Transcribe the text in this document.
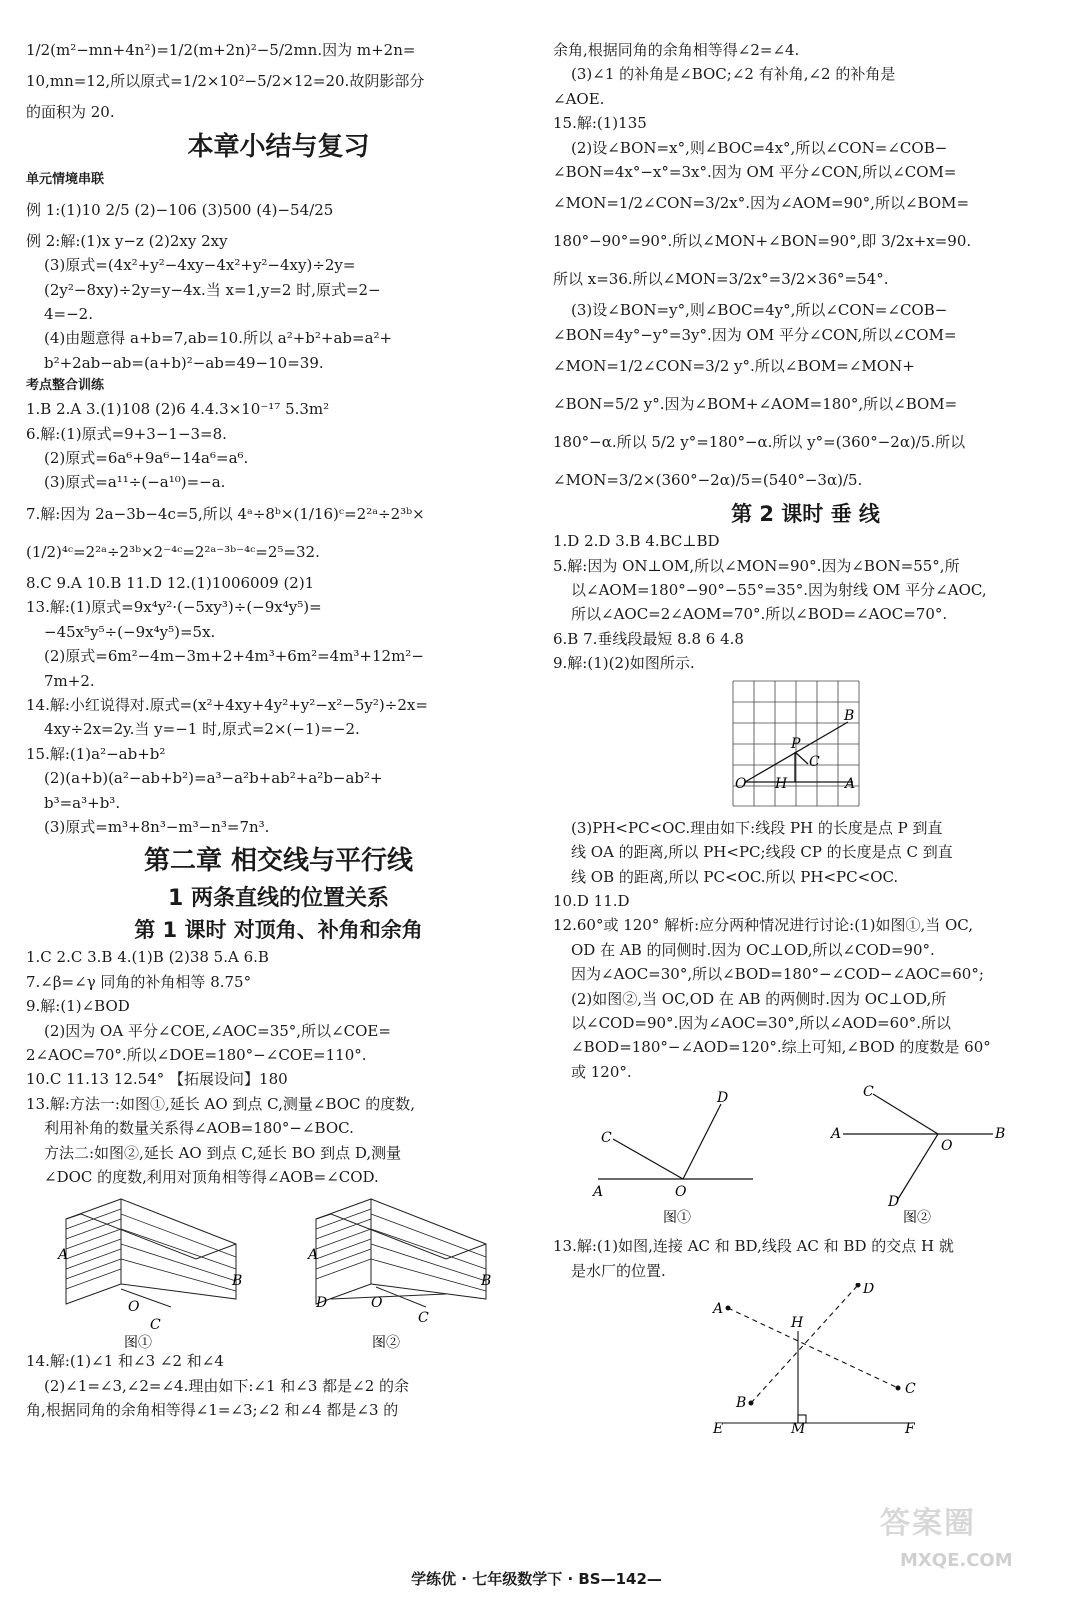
1/2(m²−mn+4n²)=1/2(m+2n)²−5/2mn.因为 m+2n=
10,mn=12,所以原式=1/2×10²−5/2×12=20.故阴影部分
的面积为 20.
本章小结与复习
单元情境串联
例 1:(1)10 2/5 (2)−106 (3)500 (4)−54/25
例 2:解:(1)x y−z (2)2xy 2xy
(3)原式=(4x²+y²−4xy−4x²+y²−4xy)÷2y=
(2y²−8xy)÷2y=y−4x.当 x=1,y=2 时,原式=2−
4=−2.
(4)由题意得 a+b=7,ab=10.所以 a²+b²+ab=a²+
b²+2ab−ab=(a+b)²−ab=49−10=39.
考点整合训练
1.B 2.A 3.(1)108 (2)6 4.4.3×10⁻¹⁷ 5.3m²
6.解:(1)原式=9+3−1−3=8.
(2)原式=6a⁶+9a⁶−14a⁶=a⁶.
(3)原式=a¹¹÷(−a¹⁰)=−a.
7.解:因为 2a−3b−4c=5,所以 4ᵃ÷8ᵇ×(1/16)ᶜ=2²ᵃ÷2³ᵇ×
(1/2)⁴ᶜ=2²ᵃ÷2³ᵇ×2⁻⁴ᶜ=2²ᵃ⁻³ᵇ⁻⁴ᶜ=2⁵=32.
8.C 9.A 10.B 11.D 12.(1)1006009 (2)1
13.解:(1)原式=9x⁴y²·(−5xy³)÷(−9x⁴y⁵)=
−45x⁵y⁵÷(−9x⁴y⁵)=5x.
(2)原式=6m²−4m−3m+2+4m³+6m²=4m³+12m²−
7m+2.
14.解:小红说得对.原式=(x²+4xy+4y²+y²−x²−5y²)÷2x=
4xy÷2x=2y.当 y=−1 时,原式=2×(−1)=−2.
15.解:(1)a²−ab+b²
(2)(a+b)(a²−ab+b²)=a³−a²b+ab²+a²b−ab²+
b³=a³+b³.
(3)原式=m³+8n³−m³−n³=7n³.
第二章 相交线与平行线
1 两条直线的位置关系
第 1 课时 对顶角、补角和余角
1.C 2.C 3.B 4.(1)B (2)38 5.A 6.B
7.∠β=∠γ 同角的补角相等 8.75°
9.解:(1)∠BOD
(2)因为 OA 平分∠COE,∠AOC=35°,所以∠COE=
2∠AOC=70°.所以∠DOE=180°−∠COE=110°.
10.C 11.13 12.54° 【拓展设问】180
13.解:方法一:如图①,延长 AO 到点 C,测量∠BOC 的度数,
利用补角的数量关系得∠AOB=180°−∠BOC.
方法二:如图②,延长 AO 到点 C,延长 BO 到点 D,测量
∠DOC 的度数,利用对顶角相等得∠AOB=∠COD.
A
B
O
C
图①
A
B
D	O
C
图②
14.解:(1)∠1 和∠3 ∠2 和∠4
(2)∠1=∠3,∠2=∠4.理由如下:∠1 和∠3 都是∠2 的余
角,根据同角的余角相等得∠1=∠3;∠2 和∠4 都是∠3 的
余角,根据同角的余角相等得∠2=∠4.
(3)∠1 的补角是∠BOC;∠2 有补角,∠2 的补角是
∠AOE.
15.解:(1)135
(2)设∠BON=x°,则∠BOC=4x°,所以∠CON=∠COB−
∠BON=4x°−x°=3x°.因为 OM 平分∠CON,所以∠COM=
∠MON=1/2∠CON=3/2x°.因为∠AOM=90°,所以∠BOM=
180°−90°=90°.所以∠MON+∠BON=90°,即 3/2x+x=90.
所以 x=36.所以∠MON=3/2x°=3/2×36°=54°.
(3)设∠BON=y°,则∠BOC=4y°,所以∠CON=∠COB−
∠BON=4y°−y°=3y°.因为 OM 平分∠CON,所以∠COM=
∠MON=1/2∠CON=3/2 y°.所以∠BOM=∠MON+
∠BON=5/2 y°.因为∠BOM+∠AOM=180°,所以∠BOM=
180°−α.所以 5/2 y°=180°−α.所以 y°=(360°−2α)/5.所以
∠MON=3/2×(360°−2α)/5=(540°−3α)/5.
第 2 课时 垂 线
1.D 2.D 3.B 4.BC⊥BD
5.解:因为 ON⊥OM,所以∠MON=90°.因为∠BON=55°,所
以∠AOM=180°−90°−55°=35°.因为射线 OM 平分∠AOC,
所以∠AOC=2∠AOM=70°.所以∠BOD=∠AOC=70°.
6.B 7.垂线段最短 8.8 6 4.8
9.解:(1)(2)如图所示.
O H	A
B
P
C
(3)PH<PC<OC.理由如下:线段 PH 的长度是点 P 到直
线 OA 的距离,所以 PH<PC;线段 CP 的长度是点 C 到直
线 OB 的距离,所以 PC<OC.所以 PH<PC<OC.
10.D 11.D
12.60°或 120° 解析:应分两种情况进行讨论:(1)如图①,当 OC,
OD 在 AB 的同侧时.因为 OC⊥OD,所以∠COD=90°.
因为∠AOC=30°,所以∠BOD=180°−∠COD−∠AOC=60°;
(2)如图②,当 OC,OD 在 AB 的两侧时.因为 OC⊥OD,所
以∠COD=90°.因为∠AOC=30°,所以∠AOD=60°.所以
∠BOD=180°−∠AOD=120°.综上可知,∠BOD 的度数是 60°
或 120°.
A	O
C
D
图①
A	B
O
C
D
图②
13.解:(1)如图,连接 AC 和 BD,线段 AC 和 BD 的交点 H 就
是水厂的位置.
A
C
D
B
H
E	M	F
学练优 · 七年级数学下 · BS—142—
答案圈
MXQE.COM
